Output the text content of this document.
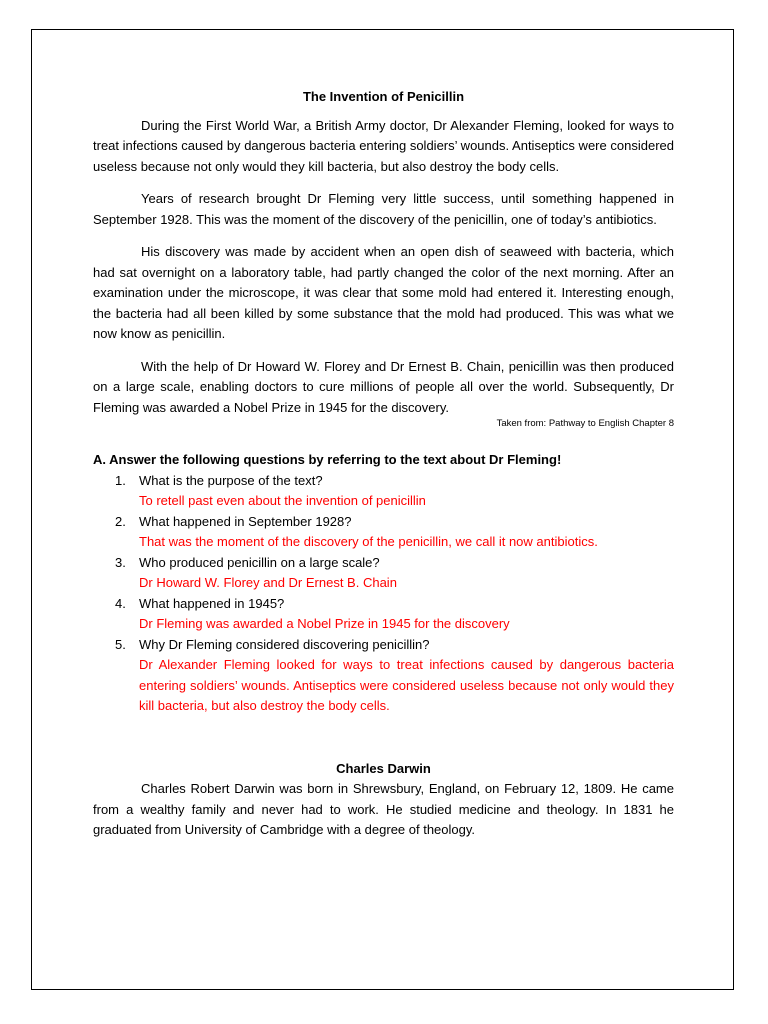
The Invention of Penicillin

During the First World War, a British Army doctor, Dr Alexander Fleming, looked for ways to treat infections caused by dangerous bacteria entering soldiers’ wounds. Antiseptics were considered useless because not only would they kill bacteria, but also destroy the body cells.

Years of research brought Dr Fleming very little success, until something happened in September 1928. This was the moment of the discovery of the penicillin, one of today’s antibiotics.

His discovery was made by accident when an open dish of seaweed with bacteria, which had sat overnight on a laboratory table, had partly changed the color of the next morning. After an examination under the microscope, it was clear that some mold had entered it. Interesting enough, the bacteria had all been killed by some substance that the mold had produced. This was what we now know as penicillin.

With the help of Dr Howard W. Florey and Dr Ernest B. Chain, penicillin was then produced on a large scale, enabling doctors to cure millions of people all over the world. Subsequently, Dr Fleming was awarded a Nobel Prize in 1945 for the discovery.

Taken from: Pathway to English Chapter 8

A. Answer the following questions by referring to the text about Dr Fleming!

1. What is the purpose of the text?
To retell past even about the invention of penicillin
2. What happened in September 1928?
That was the moment of the discovery of the penicillin, we call it now antibiotics.
3. Who produced penicillin on a large scale?
Dr Howard W. Florey and Dr Ernest B. Chain
4. What happened in 1945?
Dr Fleming was awarded a Nobel Prize in 1945 for the discovery
5. Why Dr Fleming considered discovering penicillin?
Dr Alexander Fleming looked for ways to treat infections caused by dangerous bacteria entering soldiers’ wounds. Antiseptics were considered useless because not only would they kill bacteria, but also destroy the body cells.
Charles Darwin

Charles Robert Darwin was born in Shrewsbury, England, on February 12, 1809. He came from a wealthy family and never had to work. He studied medicine and theology. In 1831 he graduated from University of Cambridge with a degree of theology.
